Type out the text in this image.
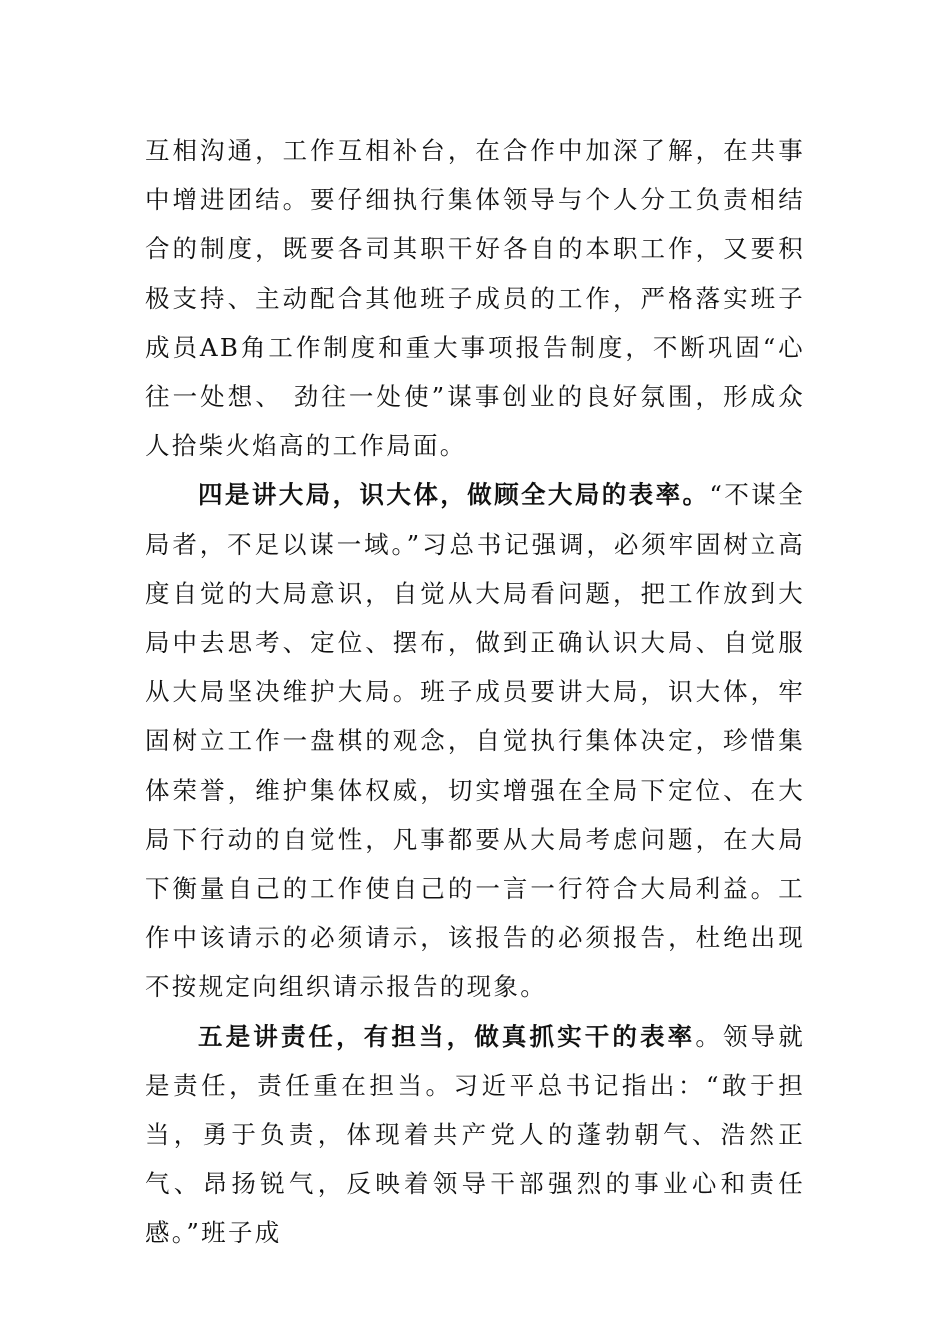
互相沟通，工作互相补台，在合作中加深了解，在共事中增进团结。要仔细执行集体领导与个人分工负责相结合的制度，既要各司其职干好各自的本职工作，又要积极支持、主动配合其他班子成员的工作，严格落实班子成员AB角工作制度和重大事项报告制度，不断巩固“心往一处想、 劲往一处使”谋事创业的良好氛围，形成众人拾柴火焰高的工作局面。

四是讲大局，识大体，做顾全大局的表率。“不谋全局者，不足以谋一域。”习总书记强调，必须牢固树立高度自觉的大局意识，自觉从大局看问题，把工作放到大局中去思考、定位、摆布，做到正确认识大局、自觉服从大局坚决维护大局。班子成员要讲大局，识大体，牢固树立工作一盘棋的观念，自觉执行集体决定，珍惜集体荣誉，维护集体权威，切实增强在全局下定位、在大局下行动的自觉性，凡事都要从大局考虑问题，在大局下衡量自己的工作使自己的一言一行符合大局利益。工作中该请示的必须请示，该报告的必须报告，杜绝出现不按规定向组织请示报告的现象。

五是讲责任，有担当，做真抓实干的表率。领导就是责任，责任重在担当。习近平总书记指出：“敢于担当，勇于负责，体现着共产党人的蓬勃朝气、浩然正气、昂扬锐气，反映着领导干部强烈的事业心和责任感。”班子成
